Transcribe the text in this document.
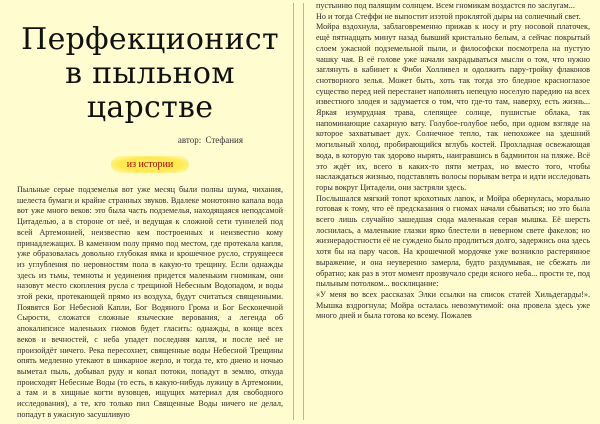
Перфекционист в пыльном царстве
автор: Стефания
из истории

Пыльные серые подземелья вот уже месяц были полны шума, чихания, шелеста бумаги и крайне странных звуков. Вдалеке монотонно капала вода вот уже много веков: это была часть подземелья, находящаяся неподсамой Цитаделью, а в стороне от неё, и ведущая к сложной сети туннелей под всей Артемонией, неизвестно кем построенных и неизвестно кому принадлежащих. В каменном полу прямо под местом, где протекала капля, уже образовалась довольно глубокая ямка и крошечное русло, струящееся из углубления по неровностям пола в какую-то трещину. Если однажды здесь из тьмы, темноты и уединения придется маленьким гномикам, они назовут место скопления русла с трещиной Небесным Водопадом, и воды этой реки, протекающей прямо из воздуха, будут считаться священными. Появятся Бог Небесной Капли, Бог Водяного Грома и Бог Бесконечной Сырости, сложатся сложные языческие верования, а легенда об апокалипсисе маленьких гномов будет гласить: однажды, в конце всех веков и вечностей, с неба упадет последняя капля, и после неё не произойдёт ничего. Река пересохнет, священные воды Небесной Трещины опять медленно утекают в шикарное жерло, и тогда те, кто днено и ночью выметал пыль, добывал руду и копал потоки, попадут в землю, откуда происходят Небесные Воды (то есть, в какую-нибудь лужицу в Артемонии, а там и в хищные когти вузовцев, ищущих материал для свободного исследования), а те, кто только пил Священные Воды ничего не делал, попадут в ужасную засушливую

пустынню под палящим солнцем. Всем гномикам воздастся по заслугам...

Но и тогда Стеффи не выпостит изэтой проклятой дыры на солнечный свет.

Мойра вздохнула, заблаговременно прижав к носу и рту носовой платочек, ещё пятнадцать минут назад бывший кристально белым, а сейчас покрытый слоем ужасной подземельной пыли, и философски посмотрела на пустую чашку чая. В её голове уже начали закрадываться мысли о том, что нужно заглянуть в кабинет к Фиби Холливел и одолжить пару-тройку флаконов снотворного зелья. Может быть, хоть так тогда это бледное красноглазое существо перед ней перестанет наполнять непецую носелую паредию на всех известного злодея и задумается о том, что где-то там, наверху, есть жизнь... Яркая изумрудная трава, слепящее солнце, пушистые облака, так напоминающие сахарную вату. Голубое-голубое небо, при одном взгляде на которое захватывает дух. Солнечное тепло, так непохожее на здешний могильный холод, пробирающийся вглубь костей. Прохладная освежающая вода, в которую так здорово нырять, наигравшись в бадминтон на пляже. Всё это ждёт их, всего в каких-то пяти метрах, но вместо того, чтобы наслаждаться жизнью, подставлять волосы порывам ветра и идти исследовать горы вокруг Цитадели, они застряли здесь.

Послышался мягкий топот крохотных лапок, и Мойра обернулась, морально готовая к тому, что её предсказания о гномах начали сбываться; но это была всего лишь случайно зашедшая сюда маленькая серая мышка. Её шерсть лоснилась, а маленькие глазки ярко блестели в неверном свете факелов; но жизнерадостности её не суждено было продлиться долго, задержись она здесь хотя бы на пару часов. На крошечной мордочке уже возникло растерянное выражение, и она неуверенно замерла, будто раздумывая, не сбежать ли обратно; как раз в этот момент прозвучало среди ясного неба... прости те, под пыльным потолком... восклицание:

«У меня во всех рассказах Элки ссылки на список статей Хильдегарды!». Мышка вздрогнула; Мойра осталась невозмутимой: она провела здесь уже много дней и была готова ко всему. Пожалев
